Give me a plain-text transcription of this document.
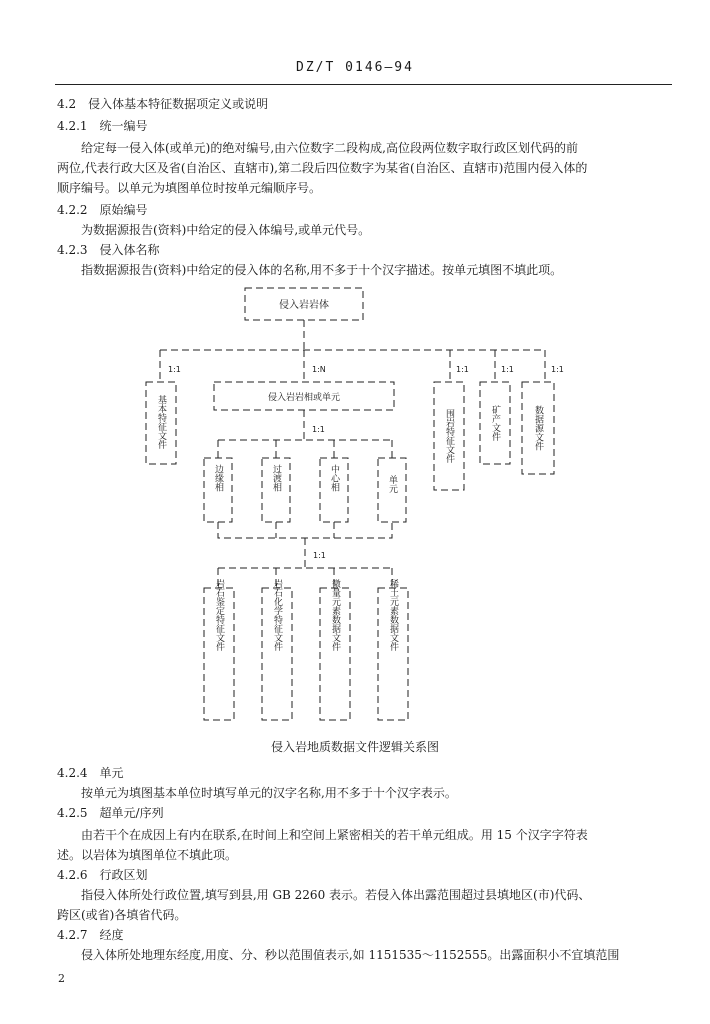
DZ/T 0146—94
4.2　侵入体基本特征数据项定义或说明
4.2.1　统一编号
给定每一侵入体(或单元)的绝对编号,由六位数字二段构成,高位段两位数字取行政区划代码的前
两位,代表行政大区及省(自治区、直辖市),第二段后四位数字为某省(自治区、直辖市)范围内侵入体的
顺序编号。以单元为填图单位时按单元编顺序号。
4.2.2　原始编号
为数据源报告(资料)中给定的侵入体编号,或单元代号。
4.2.3　侵入体名称
指数据源报告(资料)中给定的侵入体的名称,用不多于十个汉字描述。按单元填图不填此项。
侵入岩岩体
1:1	1:N	1:1	1:1	1:1
基本特征文件	侵入岩岩相或单元
围岩特征文件	矿产文件	数据源文件
1:1
边缘相	过渡相	中心相	单元
1:1
岩石鉴定特征文件	岩石化学特征文件	微量元素数据文件	稀土元素数据文件
侵入岩地质数据文件逻辑关系图
4.2.4　单元
按单元为填图基本单位时填写单元的汉字名称,用不多于十个汉字表示。
4.2.5　超单元/序列
由若干个在成因上有内在联系,在时间上和空间上紧密相关的若干单元组成。用 15 个汉字字符表
述。以岩体为填图单位不填此项。
4.2.6　行政区划
指侵入体所处行政位置,填写到县,用 GB 2260 表示。若侵入体出露范围超过县填地区(市)代码、
跨区(或省)各填省代码。
4.2.7　经度
侵入体所处地理东经度,用度、分、秒以范围值表示,如 1151535～1152555。出露面积小不宜填范围
2
